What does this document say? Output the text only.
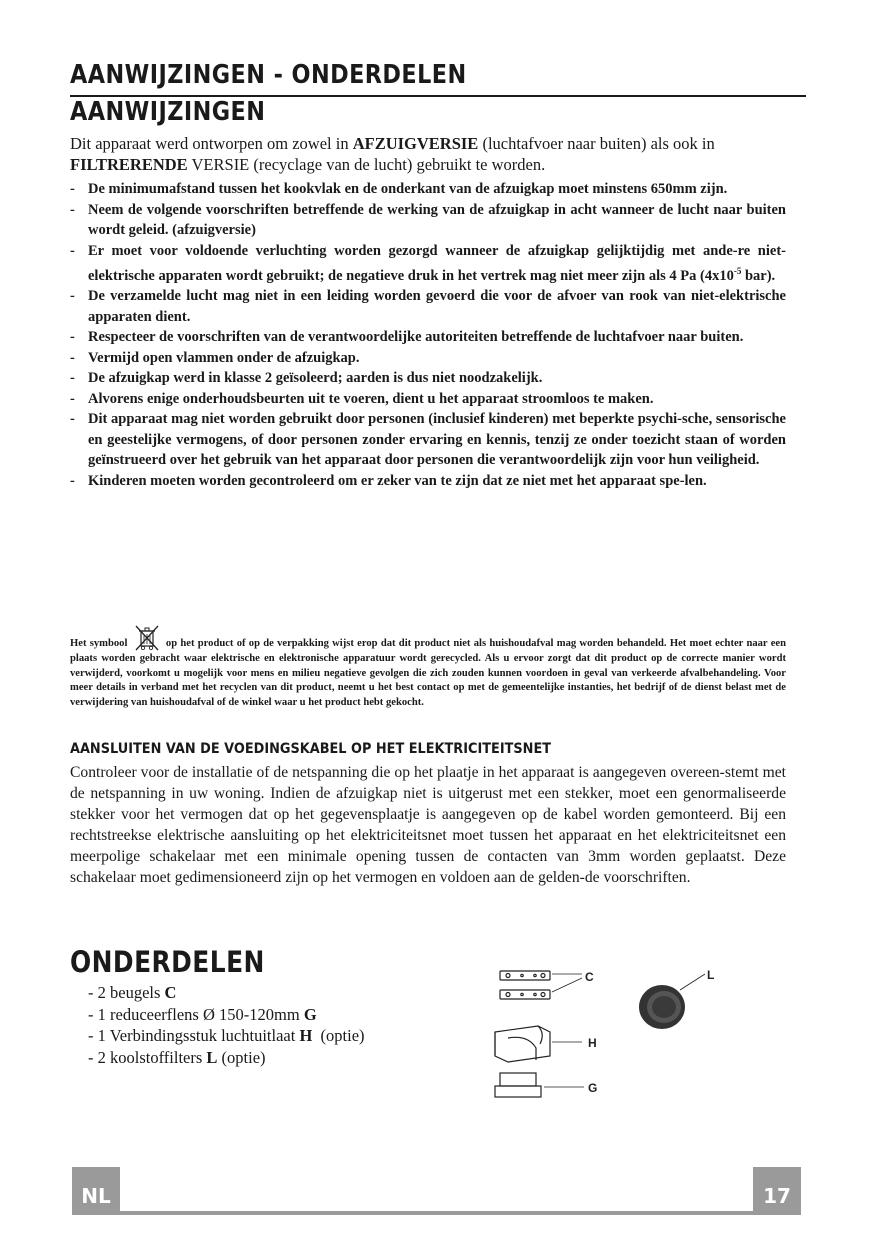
AANWIJZINGEN - ONDERDELEN
AANWIJZINGEN

Dit apparaat werd ontworpen om zowel in AFZUIGVERSIE (luchtafvoer naar buiten) als ook in FILTRERENDE VERSIE (recyclage van de lucht) gebruikt te worden.

- De minimumafstand tussen het kookvlak en de onderkant van de afzuigkap moet minstens 650mm zijn.
- Neem de volgende voorschriften betreffende de werking van de afzuigkap in acht wanneer de lucht naar buiten wordt geleid. (afzuigversie)
- Er moet voor voldoende verluchting worden gezorgd wanneer de afzuigkap gelijktijdig met ande-re niet-elektrische apparaten wordt gebruikt; de negatieve druk in het vertrek mag niet meer zijn als 4 Pa ($4x10^{-5}$ bar).
- De verzamelde lucht mag niet in een leiding worden gevoerd die voor de afvoer van rook van niet-elektrische apparaten dient.
- Respecteer de voorschriften van de verantwoordelijke autoriteiten betreffende de luchtafvoer naar buiten.
- Vermijd open vlammen onder de afzuigkap.
- De afzuigkap werd in klasse 2 geïsoleerd; aarden is dus niet noodzakelijk.
- Alvorens enige onderhoudsbeurten uit te voeren, dient u het apparaat stroomloos te maken.
- Dit apparaat mag niet worden gebruikt door personen (inclusief kinderen) met beperkte psychi-sche, sensorische en geestelijke vermogens, of door personen zonder ervaring en kennis, tenzij ze onder toezicht staan of worden geïnstrueerd over het gebruik van het apparaat door personen die verantwoordelijk zijn voor hun veiligheid.
- Kinderen moeten worden gecontroleerd om er zeker van te zijn dat ze niet met het apparaat spe-len.

Het symbool	op het product of op de verpakking wijst erop dat dit product niet als huishoudafval mag worden behandeld. Het moet echter naar een plaats worden gebracht waar elektrische en elektronische apparatuur wordt gerecycled. Als u ervoor zorgt dat dit product op de correcte manier wordt verwijderd, voorkomt u mogelijk voor mens en milieu negatieve gevolgen die zich zouden kunnen voordoen in geval van verkeerde afvalbehandeling. Voor meer details in verband met het recyclen van dit product, neemt u het best contact op met de gemeentelijke instanties, het bedrijf of de dienst belast met de verwijdering van huishoudafval of de winkel waar u het product hebt gekocht.

AANSLUITEN VAN DE VOEDINGSKABEL OP HET ELEKTRICITEITSNET

Controleer voor de installatie of de netspanning die op het plaatje in het apparaat is aangegeven overeen-stemt met de netspanning in uw woning. Indien de afzuigkap niet is uitgerust met een stekker, moet een genormaliseerde stekker voor het vermogen dat op het gegevensplaatje is aangegeven op de kabel worden gemonteerd. Bij een rechtstreekse elektrische aansluiting op het elektriciteitsnet moet tussen het apparaat en het elektriciteitsnet een meerpolige schakelaar met een minimale opening tussen de contacten van 3mm worden geplaatst. Deze schakelaar moet gedimensioneerd zijn op het vermogen en voldoen aan de gelden-de voorschriften.

ONDERDELEN
- 2 beugels C
- 1 reduceerflens Ø 150-120mm G
- 1 Verbindingsstuk luchtuitlaat H  (optie)
- 2 koolstoffilters L (optie)
C	L
H
G
NL	17
